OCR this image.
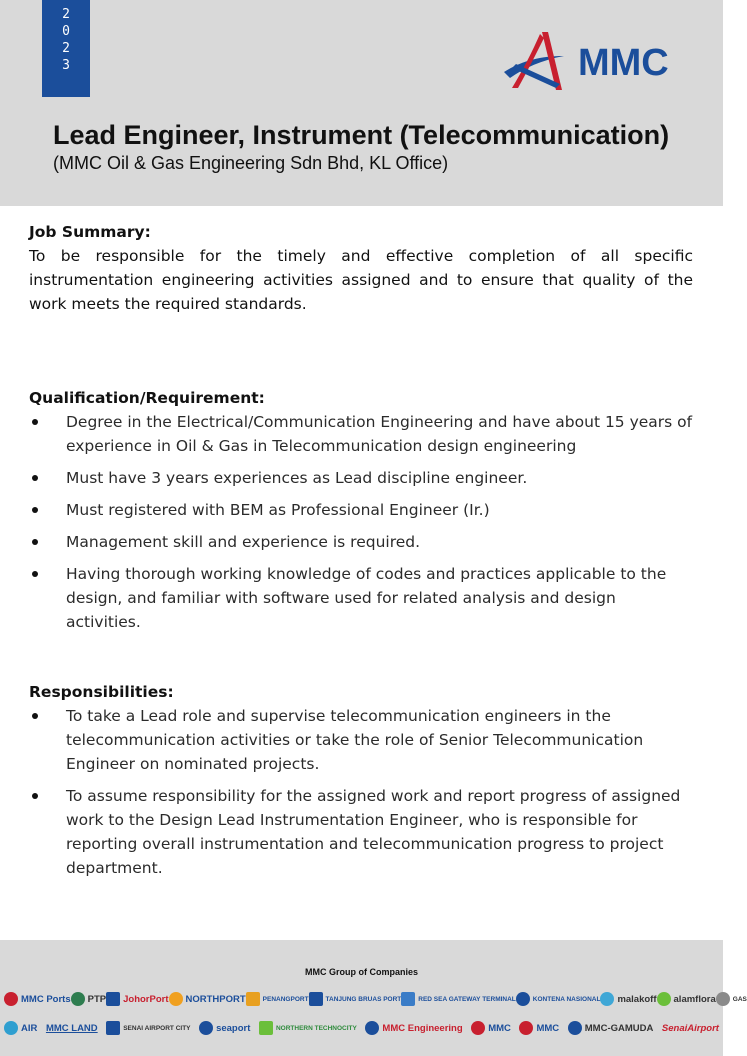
2
0
2
3	MMC
Lead Engineer, Instrument (Telecommunication)
(MMC Oil & Gas Engineering Sdn Bhd, KL Office)
Job Summary:
To be responsible for the timely and effective completion of all specific instrumentation engineering activities assigned and to ensure that quality of the work meets the required standards.
Qualification/Requirement:
Degree in the Electrical/Communication Engineering and have about 15 years of experience in Oil & Gas in Telecommunication design engineering
Must have 3 years experiences as Lead discipline engineer.
Must registered with BEM as Professional Engineer (Ir.)
Management skill and experience is required.
Having thorough working knowledge of codes and practices applicable to the design, and familiar with software used for related analysis and design activities.
Responsibilities:
To take a Lead role and supervise telecommunication engineers in the telecommunication activities or take the role of Senior Telecommunication Engineer on nominated projects.
To assume responsibility for the assigned work and report progress of assigned work to the Design Lead Instrumentation Engineer, who is responsible for reporting overall instrumentation and telecommunication progress to project department.
MMC Group of Companies
MMC Ports PTP JohorPort NORTHPORT	PENANGPORT	TANJUNG BRUAS PORT	RED SEA GATEWAY TERMINAL	KONTENA NASIONAL malakoff alamflora	GAS
AIR MMC LAND	SENAI AIRPORT CITY	seaport	NORTHERN TECHNOCITY	MMC Engineering	MMC	MMC	MMC-GAMUDA SenaiAirport
